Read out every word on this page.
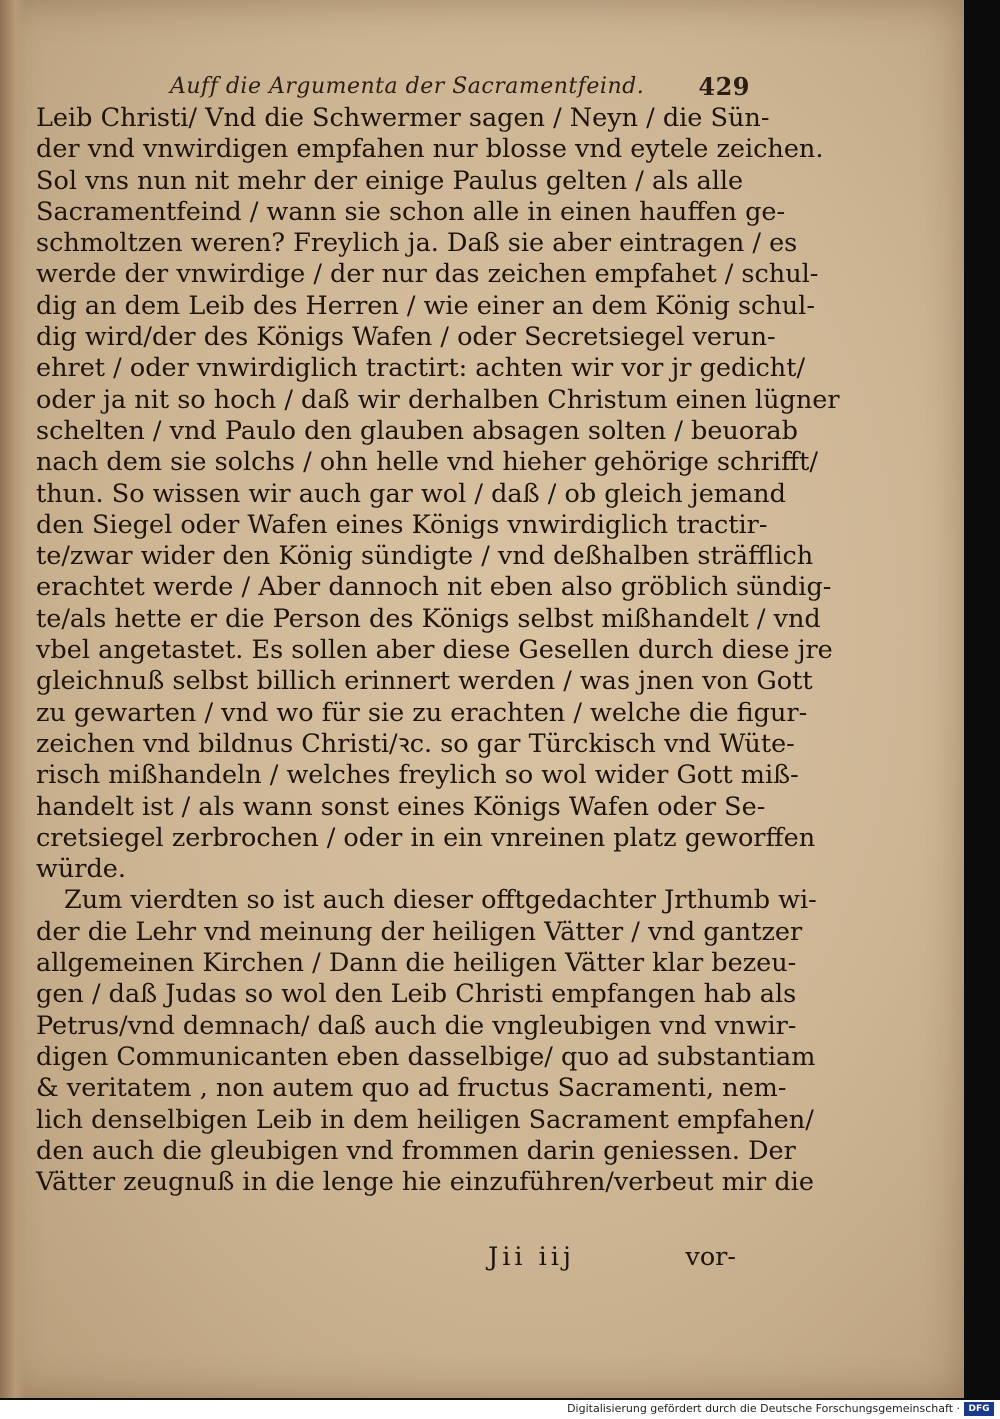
Auff die Argumenta der Sacramentfeind. 429
Leib Christi/ Vnd die Schwermer sagen / Neyn / die Sün-
der vnd vnwirdigen empfahen nur blosse vnd eytele zeichen.
Sol vns nun nit mehr der einige Paulus gelten / als alle
Sacramentfeind / wann sie schon alle in einen hauffen ge-
schmoltzen weren? Freylich ja. Daß sie aber eintragen / es
werde der vnwirdige / der nur das zeichen empfahet / schul-
dig an dem Leib des Herren / wie einer an dem König schul-
dig wird/der des Königs Wafen / oder Secretsiegel verun-
ehret / oder vnwirdiglich tractirt: achten wir vor jr gedicht/
oder ja nit so hoch / daß wir derhalben Christum einen lügner
schelten / vnd Paulo den glauben absagen solten / beuorab
nach dem sie solchs / ohn helle vnd hieher gehörige schrifft/
thun. So wissen wir auch gar wol / daß / ob gleich jemand
den Siegel oder Wafen eines Königs vnwirdiglich tractir-
te/zwar wider den König sündigte / vnd deßhalben sträfflich
erachtet werde / Aber dannoch nit eben also gröblich sündig-
te/als hette er die Person des Königs selbst mißhandelt / vnd
vbel angetastet. Es sollen aber diese Gesellen durch diese jre
gleichnuß selbst billich erinnert werden / was jnen von Gott
zu gewarten / vnd wo für sie zu erachten / welche die figur-
zeichen vnd bildnus Christi/ꝛc. so gar Türckisch vnd Wüte-
risch mißhandeln / welches freylich so wol wider Gott miß-
handelt ist / als wann sonst eines Königs Wafen oder Se-
cretsiegel zerbrochen / oder in ein vnreinen platz geworffen
würde.
Zum vierdten so ist auch dieser offtgedachter Jrthumb wi-
der die Lehr vnd meinung der heiligen Vätter / vnd gantzer
allgemeinen Kirchen / Dann die heiligen Vätter klar bezeu-
gen / daß Judas so wol den Leib Christi empfangen hab als
Petrus/vnd demnach/ daß auch die vngleubigen vnd vnwir-
digen Communicanten eben dasselbige/ quo ad substantiam
& veritatem , non autem quo ad fructus Sacramenti, nem-
lich denselbigen Leib in dem heiligen Sacrament empfahen/
den auch die gleubigen vnd frommen darin geniessen. Der
Vätter zeugnuß in die lenge hie einzuführen/verbeut mir die
Jii iij	vor-
Digitalisierung gefördert durch die Deutsche Forschungsgemeinschaft · DFG
